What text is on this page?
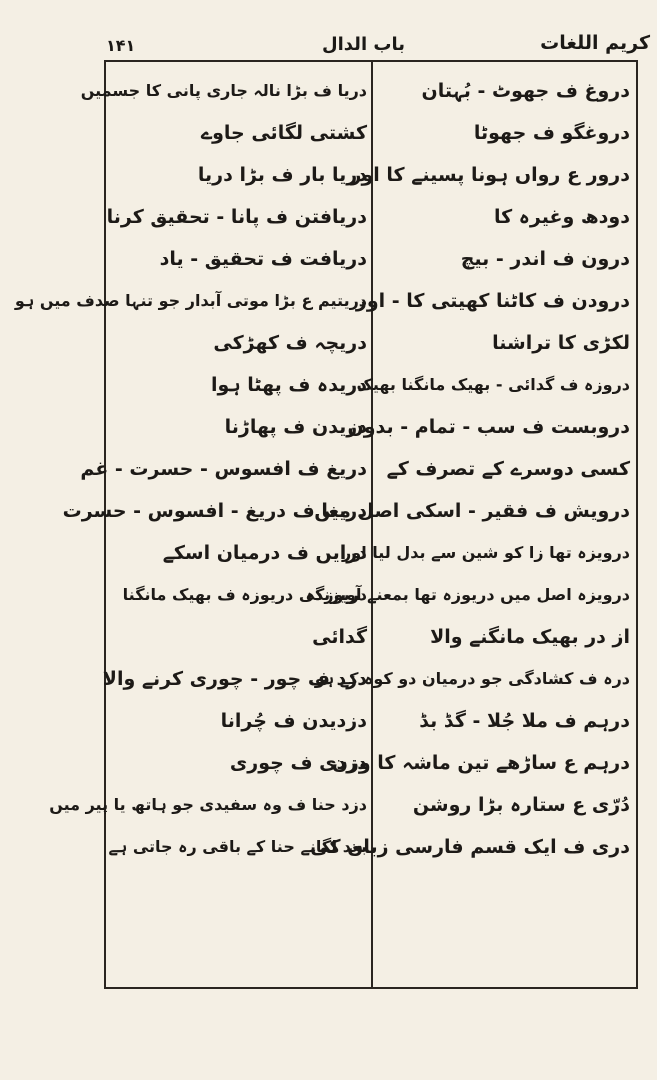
کریم اللغات
باب الدال
۱۴۱
دروغ ف جھوٹ - بُہتان
دروغگو ف جھوٹا
درور ع رواں ہونا پسینے کا اور
دودھ وغیرہ کا
درون ف اندر - بیچ
درودن ف کاٹنا کھیتی کا - اور
لکڑی کا تراشنا
دروزہ ف گدائی - بھیک مانگنا بھیک
دروبست ف سب - تمام - بدون
کسی دوسرے کے تصرف کے
درویش ف فقیر - اسکی اصل میں
درویزہ تھا زا کو شین سے بدل لیا اور
درویزہ اصل میں دریوزہ تھا بمعنے آویزندہ
از در بھیک مانگنے والا
درہ ف کشادگی جو درمیان دو کوہ کے ہو
درہم ف ملا جُلا - گڈ بڈ
درہم ع ساڑھے تین ماشہ کا وزن
دُرّی ع ستارہ بڑا روشن
دری ف ایک قسم فارسی زبان کی
دریا ف بڑا نالہ جاری پانی کا جسمیں
کشتی لگائی جاوے
دریا بار ف بڑا دریا
دریافتن ف پانا - تحقیق کرنا
دریافت ف تحقیق - یاد
دریتیم ع بڑا موتی آبدار جو تنہا صدف میں ہو
دریچہ ف کھڑکی
دریدہ ف پھٹا ہوا
دریدن ف پھاڑنا
دریغ ف افسوس - حسرت - غم
دریغا ف دریغ - افسوس - حسرت
درایں ف درمیان اسکے
دریوزگی دریوزہ ف بھیک مانگنا
گدائی
دزد ف چور - چوری کرنے والا
دزدیدن ف چُرانا
دزدی ف چوری
دزد حنا ف وہ سفیدی جو ہاتھ یا پیر میں
بعد لگانے حنا کے باقی رہ جاتی ہے
